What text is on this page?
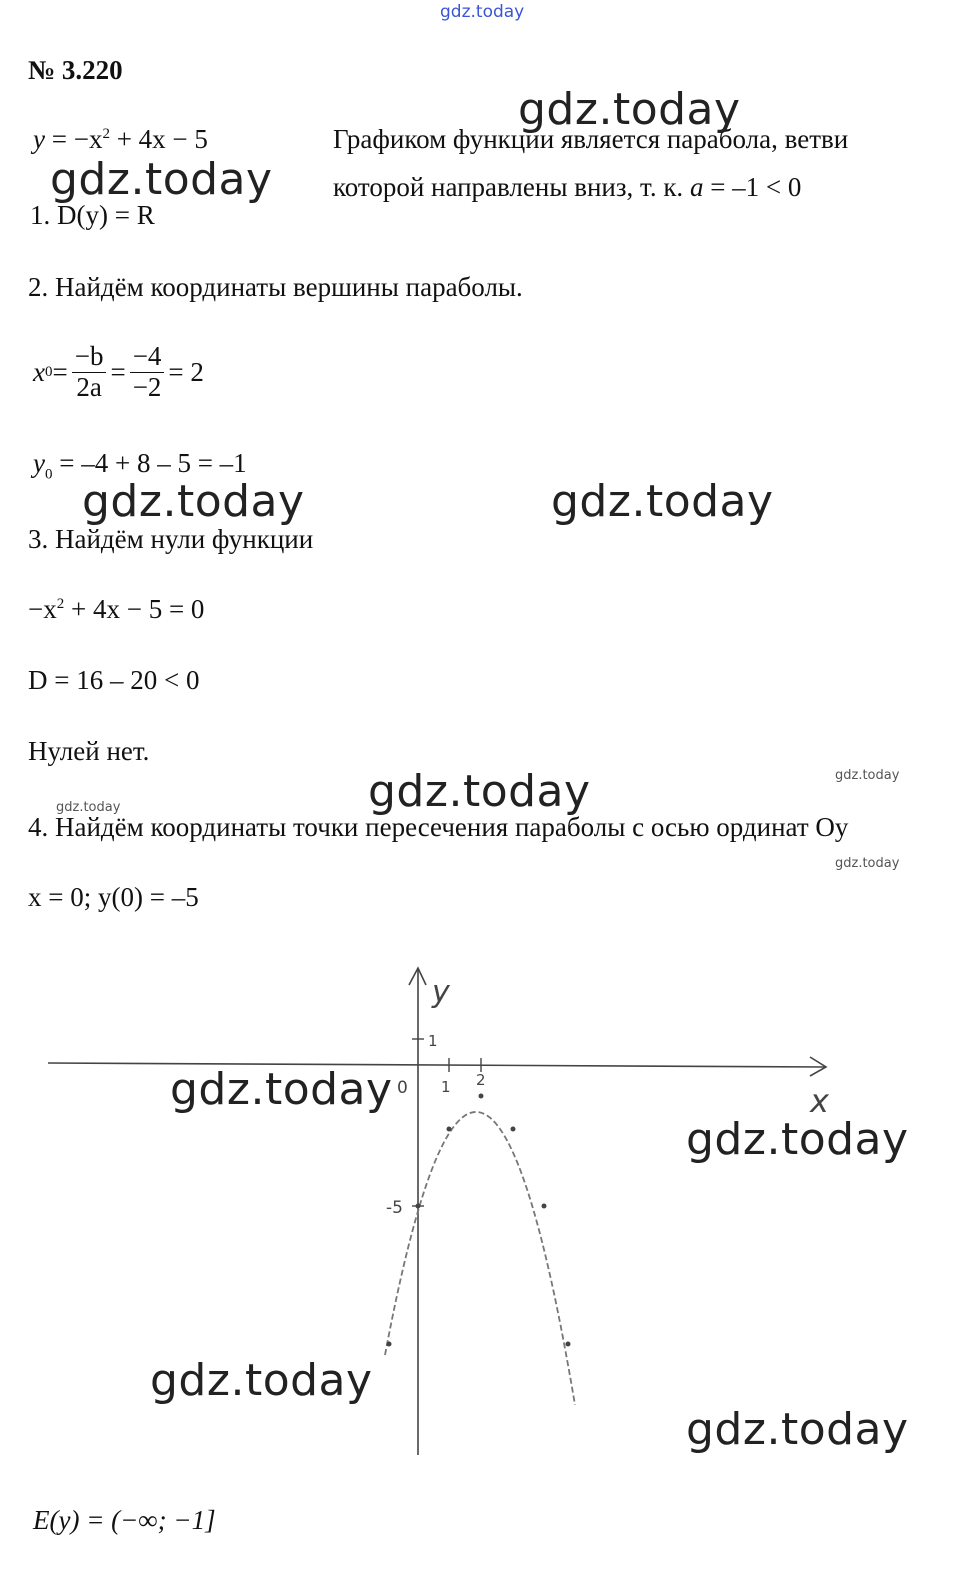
gdz.today
№ 3.220
$y = -x^2 + 4x - 5$	Графиком функции является парабола, ветви
которой направлены вниз, т. к. a = –1 < 0
1. D(y) = R
2. Найдём координаты вершины параболы.
x $0 = \frac{-b}{2a} = \frac{-4}{-2} = 2$
$y_0 = -4 + 8 - 5 = -1$
3. Найдём нули функции
$-x^2 + 4x - 5 = 0$
D = 16 – 20 < 0
Нулей нет.
4. Найдём координаты точки пересечения параболы с осью ординат Oy
x = 0; y(0) = –5
y
x
0
1
1 2
-5
E(y) = (−∞; −1]
gdz.today
gdz.today
gdz.today	gdz.today
gdz.today
gdz.today
gdz.today
gdz.today
gdz.today
gdz.today
gdz.today
gdz.today
